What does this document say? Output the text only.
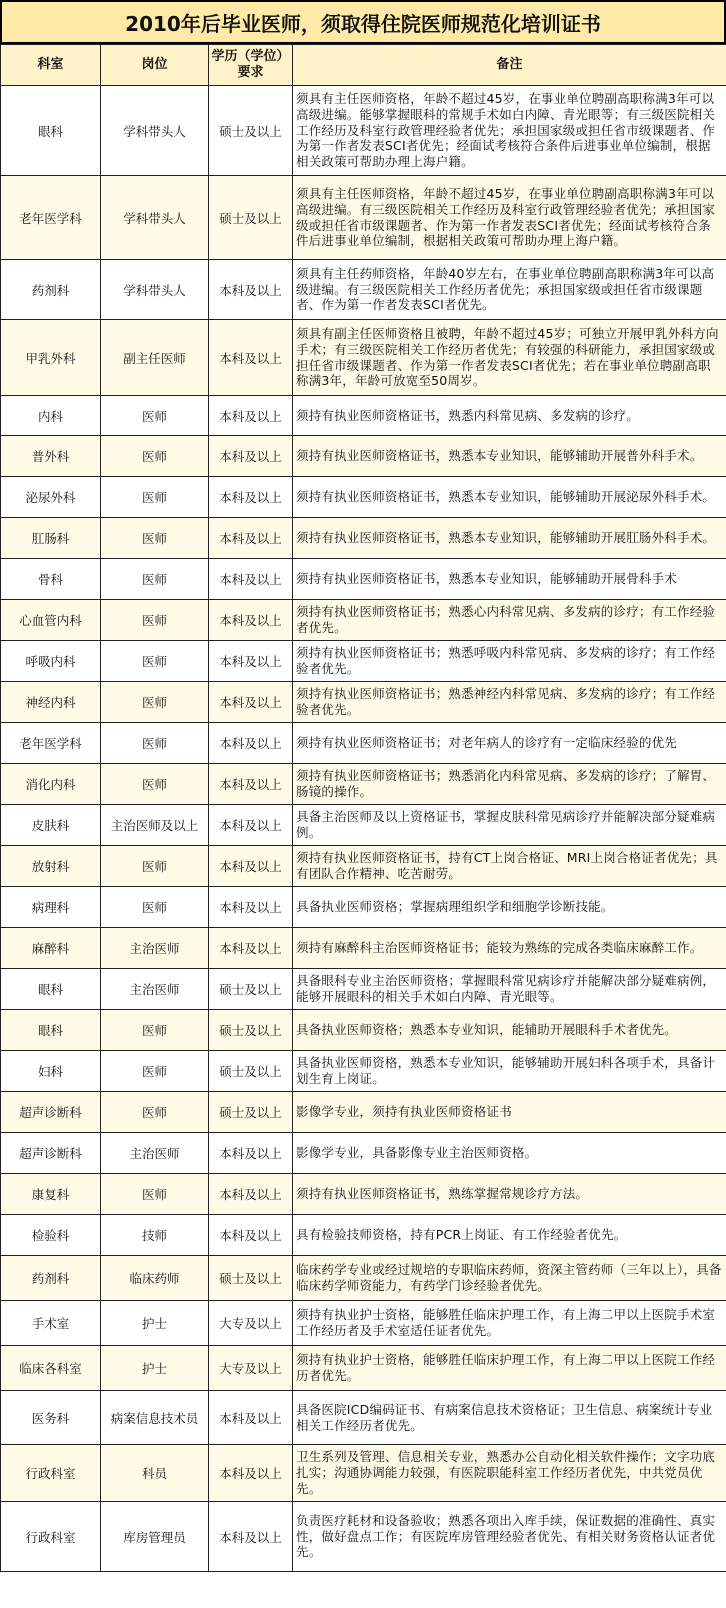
2010年后毕业医师，须取得住院医师规范化培训证书
科室	岗位	学历（学位）要求	备注
眼科	学科带头人	硕士及以上	须具有主任医师资格，年龄不超过45岁，在事业单位聘副高职称满3年可以高级进编。能够掌握眼科的常规手术如白内障、青光眼等；有三级医院相关工作经历及科室行政管理经验者优先；承担国家级或担任省市级课题者、作为第一作者发表SCI者优先；经面试考核符合条件后进事业单位编制，根据相关政策可帮助办理上海户籍。
老年医学科	学科带头人	硕士及以上	须具有主任医师资格，年龄不超过45岁，在事业单位聘副高职称满3年可以高级进编。有三级医院相关工作经历及科室行政管理经验者优先；承担国家级或担任省市级课题者、作为第一作者发表SCI者优先；经面试考核符合条件后进事业单位编制，根据相关政策可帮助办理上海户籍。
药剂科	学科带头人	本科及以上	须具有主任药师资格，年龄40岁左右，在事业单位聘副高职称满3年可以高级进编。有三级医院相关工作经历者优先；承担国家级或担任省市级课题者、作为第一作者发表SCI者优先。
甲乳外科	副主任医师	本科及以上	须具有副主任医师资格且被聘，年龄不超过45岁；可独立开展甲乳外科方向手术；有三级医院相关工作经历者优先；有较强的科研能力，承担国家级或担任省市级课题者、作为第一作者发表SCI者优先；若在事业单位聘副高职称满3年，年龄可放宽至50周岁。
内科	医师	本科及以上	须持有执业医师资格证书，熟悉内科常见病、多发病的诊疗。
普外科	医师	本科及以上	须持有执业医师资格证书，熟悉本专业知识，能够辅助开展普外科手术。
泌尿外科	医师	本科及以上	须持有执业医师资格证书，熟悉本专业知识，能够辅助开展泌尿外科手术。
肛肠科	医师	本科及以上	须持有执业医师资格证书，熟悉本专业知识，能够辅助开展肛肠外科手术。
骨科	医师	本科及以上	须持有执业医师资格证书，熟悉本专业知识，能够辅助开展骨科手术
心血管内科	医师	本科及以上	须持有执业医师资格证书；熟悉心内科常见病、多发病的诊疗；有工作经验者优先。
呼吸内科	医师	本科及以上	须持有执业医师资格证书；熟悉呼吸内科常见病、多发病的诊疗；有工作经验者优先。
神经内科	医师	本科及以上	须持有执业医师资格证书；熟悉神经内科常见病、多发病的诊疗；有工作经验者优先。
老年医学科	医师	本科及以上	须持有执业医师资格证书；对老年病人的诊疗有一定临床经验的优先
消化内科	医师	本科及以上	须持有执业医师资格证书；熟悉消化内科常见病、多发病的诊疗；了解胃、肠镜的操作。
皮肤科	主治医师及以上	本科及以上	具备主治医师及以上资格证书，掌握皮肤科常见病诊疗并能解决部分疑难病例。
放射科	医师	本科及以上	须持有执业医师资格证书，持有CT上岗合格证、MRI上岗合格证者优先；具有团队合作精神、吃苦耐劳。
病理科	医师	本科及以上	具备执业医师资格；掌握病理组织学和细胞学诊断技能。
麻醉科	主治医师	本科及以上	须持有麻醉科主治医师资格证书；能较为熟练的完成各类临床麻醉工作。
眼科	主治医师	硕士及以上	具备眼科专业主治医师资格；掌握眼科常见病诊疗并能解决部分疑难病例，能够开展眼科的相关手术如白内障、青光眼等。
眼科	医师	硕士及以上	具备执业医师资格；熟悉本专业知识，能辅助开展眼科手术者优先。
妇科	医师	硕士及以上	具备执业医师资格，熟悉本专业知识，能够辅助开展妇科各项手术，具备计划生育上岗证。
超声诊断科	医师	硕士及以上	影像学专业，须持有执业医师资格证书
超声诊断科	主治医师	本科及以上	影像学专业，具备影像专业主治医师资格。
康复科	医师	本科及以上	须持有执业医师资格证书，熟练掌握常规诊疗方法。
检验科	技师	本科及以上	具有检验技师资格，持有PCR上岗证、有工作经验者优先。
药剂科	临床药师	硕士及以上	临床药学专业或经过规培的专职临床药师，资深主管药师（三年以上），具备临床药学师资能力，有药学门诊经验者优先。
手术室	护士	大专及以上	须持有执业护士资格，能够胜任临床护理工作，有上海二甲以上医院手术室工作经历者及手术室适任证者优先。
临床各科室	护士	大专及以上	须持有执业护士资格，能够胜任临床护理工作，有上海二甲以上医院工作经历者优先。
医务科	病案信息技术员	本科及以上	具备医院ICD编码证书、有病案信息技术资格证；卫生信息、病案统计专业相关工作经历者优先。
行政科室	科员	本科及以上	卫生系列及管理、信息相关专业，熟悉办公自动化相关软件操作；文字功底扎实；沟通协调能力较强，有医院职能科室工作经历者优先，中共党员优先。
行政科室	库房管理员	本科及以上	负责医疗耗材和设备验收；熟悉各项出入库手续，保证数据的准确性、真实性，做好盘点工作；有医院库房管理经验者优先、有相关财务资格认证者优先。
